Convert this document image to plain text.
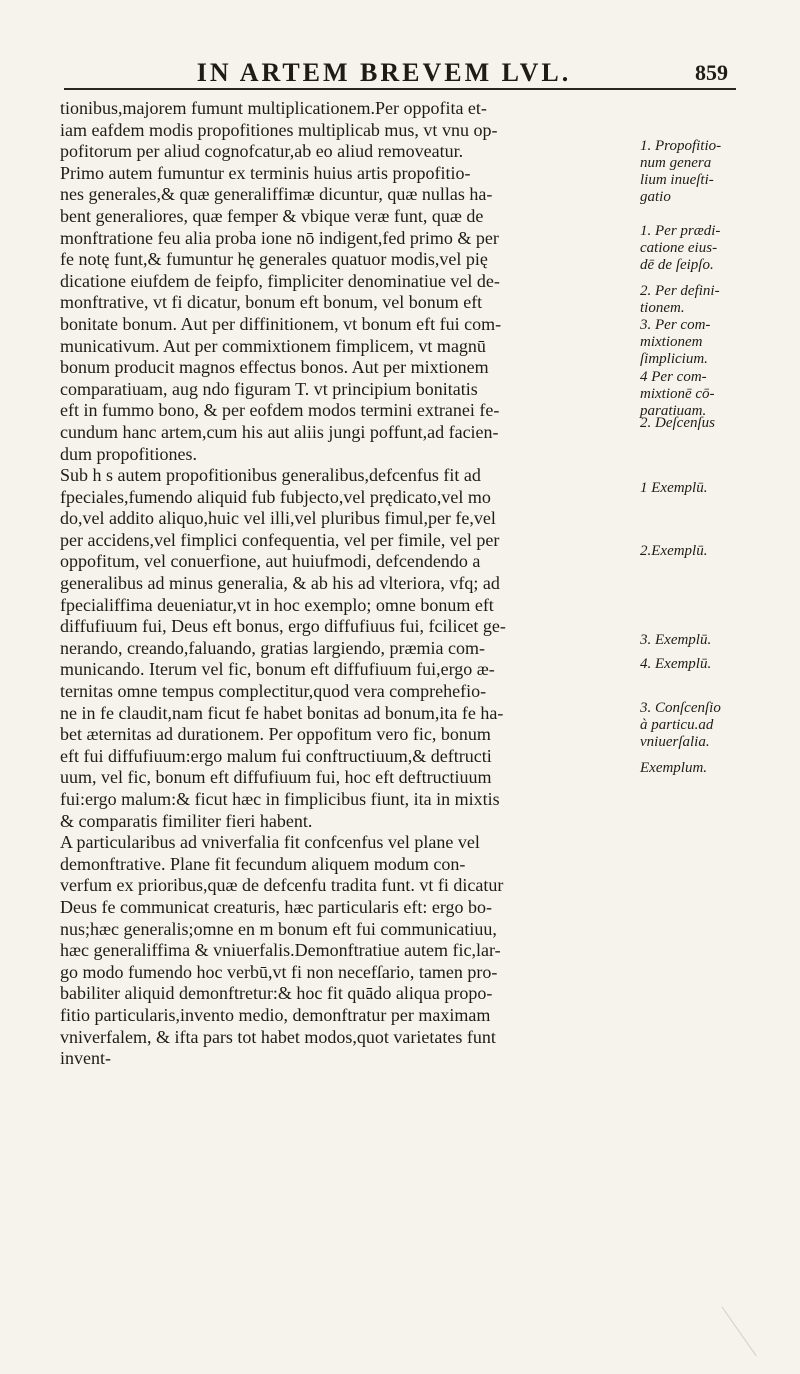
IN ARTEM BREVEM LVL.	859
tionibus,majorem fumunt multiplicationem.Per oppofita et-
iam eafdem modis propofitiones multiplicab mus, vt vnu op-
pofitorum per aliud cognofcatur,ab eo aliud removeatur.
Primo autem fumuntur ex terminis huius artis propofitio-
nes generales,& quæ generaliffimæ dicuntur, quæ nullas ha-
bent generaliores, quæ femper & vbique veræ funt, quæ de
monftratione feu alia proba ione nō indigent,fed primo & per
fe notę funt,& fumuntur hę generales quatuor modis,vel pię
dicatione eiufdem de feipfo, fimpliciter denominatiue vel de-
monftrative, vt fi dicatur, bonum eft bonum, vel bonum eft
bonitate bonum. Aut per diffinitionem, vt bonum eft fui com-
municativum. Aut per commixtionem fimplicem, vt magnū
bonum producit magnos effectus bonos. Aut per mixtionem
comparatiuam, aug ndo figuram T. vt principium bonitatis
eft in fummo bono, & per eofdem modos termini extranei fe-
cundum hanc artem,cum his aut aliis jungi poffunt,ad facien-
dum propofitiones.
Sub h s autem propofitionibus generalibus,defcenfus fit ad
fpeciales,fumendo aliquid fub fubjecto,vel prędicato,vel mo
do,vel addito aliquo,huic vel illi,vel pluribus fimul,per fe,vel
per accidens,vel fimplici confequentia, vel per fimile, vel per
oppofitum, vel conuerfione, aut huiufmodi, defcendendo a
generalibus ad minus generalia, & ab his ad vlteriora, vfq; ad
fpecialiffima deueniatur,vt in hoc exemplo; omne bonum eft
diffufiuum fui, Deus eft bonus, ergo diffufiuus fui, fcilicet ge-
nerando, creando,faluando, gratias largiendo, præmia com-
municando. Iterum vel fic, bonum eft diffufiuum fui,ergo æ-
ternitas omne tempus complectitur,quod vera comprehefio-
ne in fe claudit,nam ficut fe habet bonitas ad bonum,ita fe ha-
bet æternitas ad durationem. Per oppofitum vero fic, bonum
eft fui diffufiuum:ergo malum fui conftructiuum,& deftructi
uum, vel fic, bonum eft diffufiuum fui, hoc eft deftructiuum
fui:ergo malum:& ficut hæc in fimplicibus fiunt, ita in mixtis
& comparatis fimiliter fieri habent.
A particularibus ad vniverfalia fit confcenfus vel plane vel
demonftrative. Plane fit fecundum aliquem modum con-
verfum ex prioribus,quæ de defcenfu tradita funt. vt fi dicatur
Deus fe communicat creaturis, hæc particularis eft: ergo bo-
nus;hæc generalis;omne en m bonum eft fui communicatiuu,
hæc generaliffima & vniuerfalis.Demonftratiue autem fic,lar-
go modo fumendo hoc verbū,vt fi non necefſario, tamen pro-
babiliter aliquid demonftretur:& hoc fit quādo aliqua propo-
fitio particularis,invento medio, demonftratur per maximam
vniverfalem, & ifta pars tot habet modos,quot varietates funt
invent-
1. Propofitio-
num genera
lium inueſti-
gatio
1. Per prædi-
catione eius-
dē de ſeipſo.
2. Per defini-
tionem.
3. Per com-
mixtionem
ſimplicium.
4 Per com-
mixtionē cō-
paratiuam.
2. Deſcenſus
1 Exemplū.
2.Exemplū.
3. Exemplū.
4. Exemplū.
3. Conſcenſio
à particu.ad
vniuerſalia.
Exemplum.
